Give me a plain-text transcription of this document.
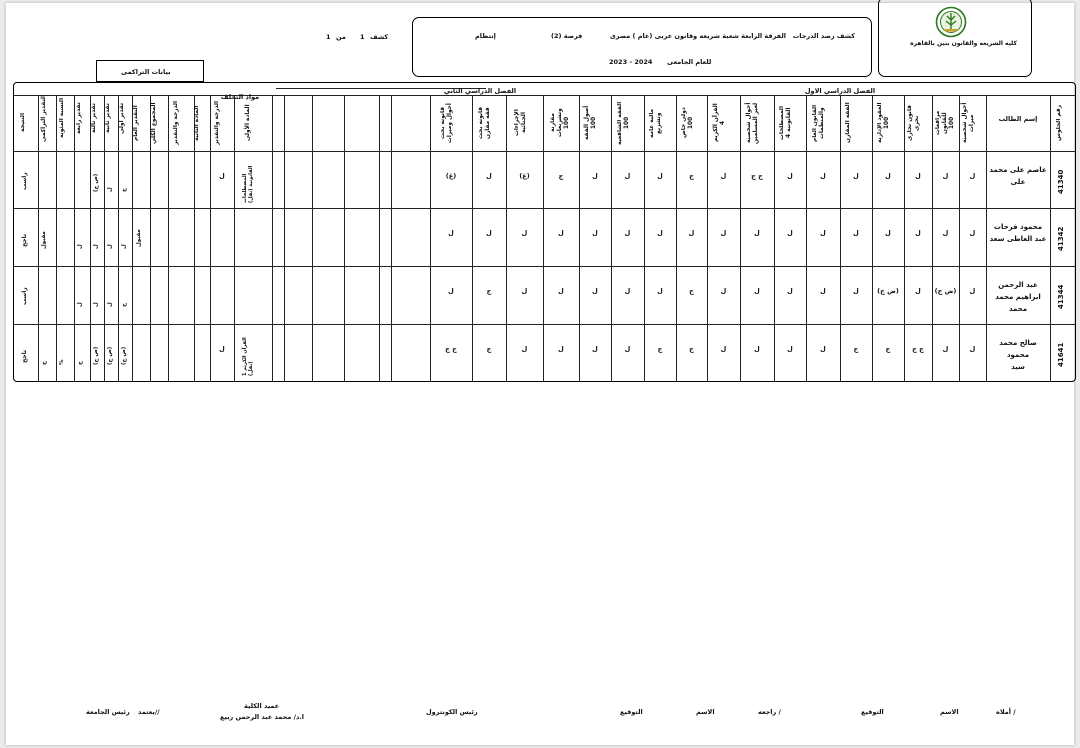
كليه الشريعه والقانون بنين بالقاهره
كشف رصد الدرجات
الفرقة الرابعة شعبة شريعه وقانون عربى (عام ) مصرى
(فرصة (2
إنتظام
للعام الجامعى
2023 - 2024
كشف
1
من
1
بيانات التراكمى
الفصل الدراسي الاول
الفصل الدراسي الثاني
مواد التخلف
رقم الجلوس
إسم الطالب
أحوال شخصية
ميراث
مرافعات
للقانون
100
قانون تجارى
بحرى
العقود الإدارية
100
الفقه المقارن
القانون العام
والمنظمات
المصطلحات
القانونية 4
أحوال شخصية
لغير المسلمين
القرآن الكريم
4
دولى خاص
100
مالية عامة
وتشريع
الفقه الشافعية
100
أصول الفقه
100
مقارنة وتشريعات
100
الإجراءات
الجنائية
قانونه بحث
فقه مقارن
قانونه بحث
أحوال وميراث
المادة الأولى
الدرجة والتقدير
المادة الثانية
الدرجة والتقدير
المجموع الكلي
التقدير العام
تقدير اولى
تقدير ثانية
تقدير ثالثة
تقدير رابعة
النسبة المئوية
التقدير التراكمى
النتيجة
41340
عاصم على محمد
على
ل
ل
ل
ل
ل
ل
ل
ج ج
ل
ج
ل
ل
ل
ج
(غ)
ل
(غ)
المصطلحات القانونية (نقل)
ل
ج
ل
(ض ج)
راسب
41342
محمود فرحات
عبد العاطى سعد
ل
ل
ل
ل
ل
ل
ل
ل
ل
ل
ل
ل
ل
ل
ل
ل
ل
مقبول
ل
ل
ل
ل
مقبول
ناجح
41344
عبد الرحمن
ابراهيم محمد محمد
ل
(ض ج)
ل
(ض ج)
ل
ل
ل
ل
ل
ج
ل
ل
ل
ل
ل
ج
ل
ج
ل
ل
ل
راسب
41641
صالح محمد محمود
سيد
ل
ل
ج ج
ج
ج
ل
ل
ل
ل
ج
ج
ل
ل
ل
ل
ج
ج ج
القرآن الكريم 1 (نقل)
ل
(ض ج)
(ض ج)
(ض ج)
ج
%
ج
ناجح
أملاه /
الاسم
التوقيع
راجعه /
الاسم
التوقيع
رئيس الكونترول
عميد الكلية
ا.د/ محمد عبد الرحمن ربيع
يعتمد//
رئيس الجامعة
